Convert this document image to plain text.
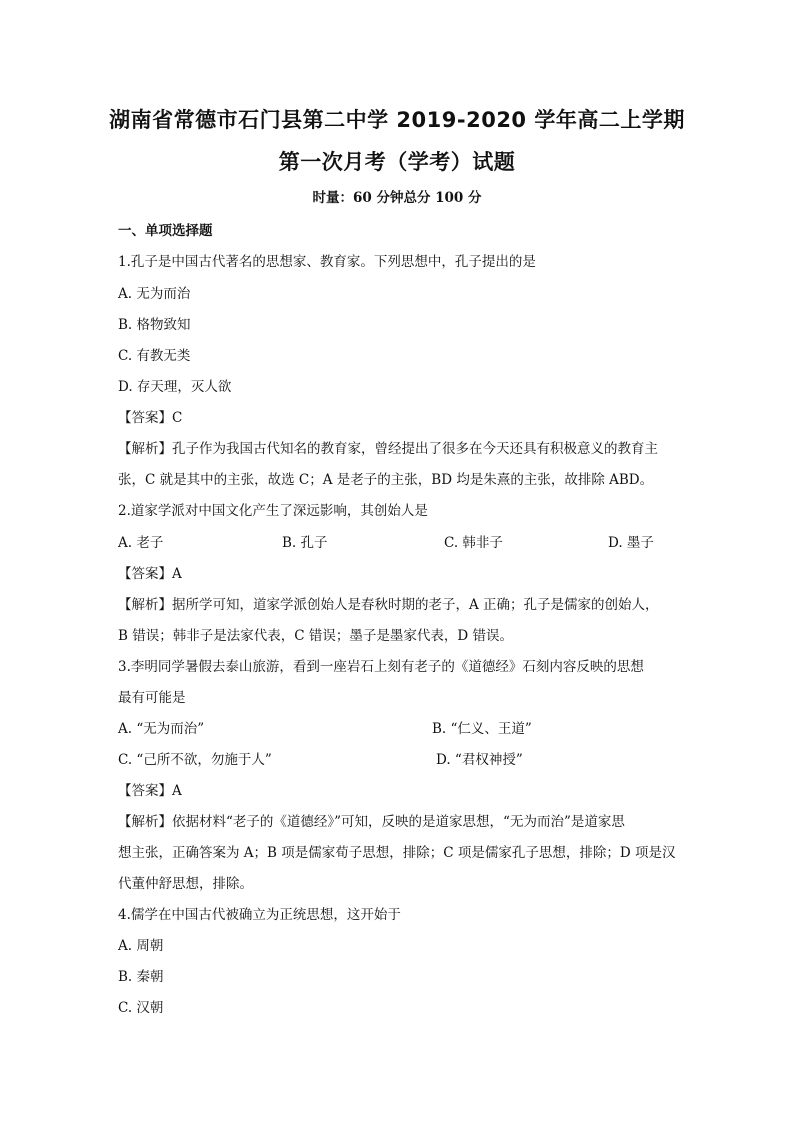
湖南省常德市石门县第二中学 2019-2020 学年高二上学期
第一次月考（学考）试题
时量：60 分钟总分 100 分
一、单项选择题
1.孔子是中国古代著名的思想家、教育家。下列思想中，孔子提出的是
A. 无为而治
B. 格物致知
C. 有教无类
D. 存天理，灭人欲
【答案】C
【解析】孔子作为我国古代知名的教育家，曾经提出了很多在今天还具有积极意义的教育主
张，C 就是其中的主张，故选 C；A 是老子的主张，BD 均是朱熹的主张，故排除 ABD。
2.道家学派对中国文化产生了深远影响，其创始人是
A. 老子	B. 孔子	C. 韩非子	D. 墨子
【答案】A
【解析】据所学可知，道家学派创始人是春秋时期的老子，A 正确；孔子是儒家的创始人，
B 错误；韩非子是法家代表，C 错误；墨子是墨家代表，D 错误。
3.李明同学暑假去泰山旅游，看到一座岩石上刻有老子的《道德经》石刻内容反映的思想
最有可能是
A. “无为而治”	B. “仁义、王道”
C. “己所不欲，勿施于人”	D. “君权神授”
【答案】A
【解析】依据材料“老子的《道德经》”可知，反映的是道家思想，“无为而治”是道家思
想主张，正确答案为 A；B 项是儒家荀子思想，排除；C 项是儒家孔子思想，排除；D 项是汉
代董仲舒思想，排除。
4.儒学在中国古代被确立为正统思想，这开始于
A. 周朝
B. 秦朝
C. 汉朝
